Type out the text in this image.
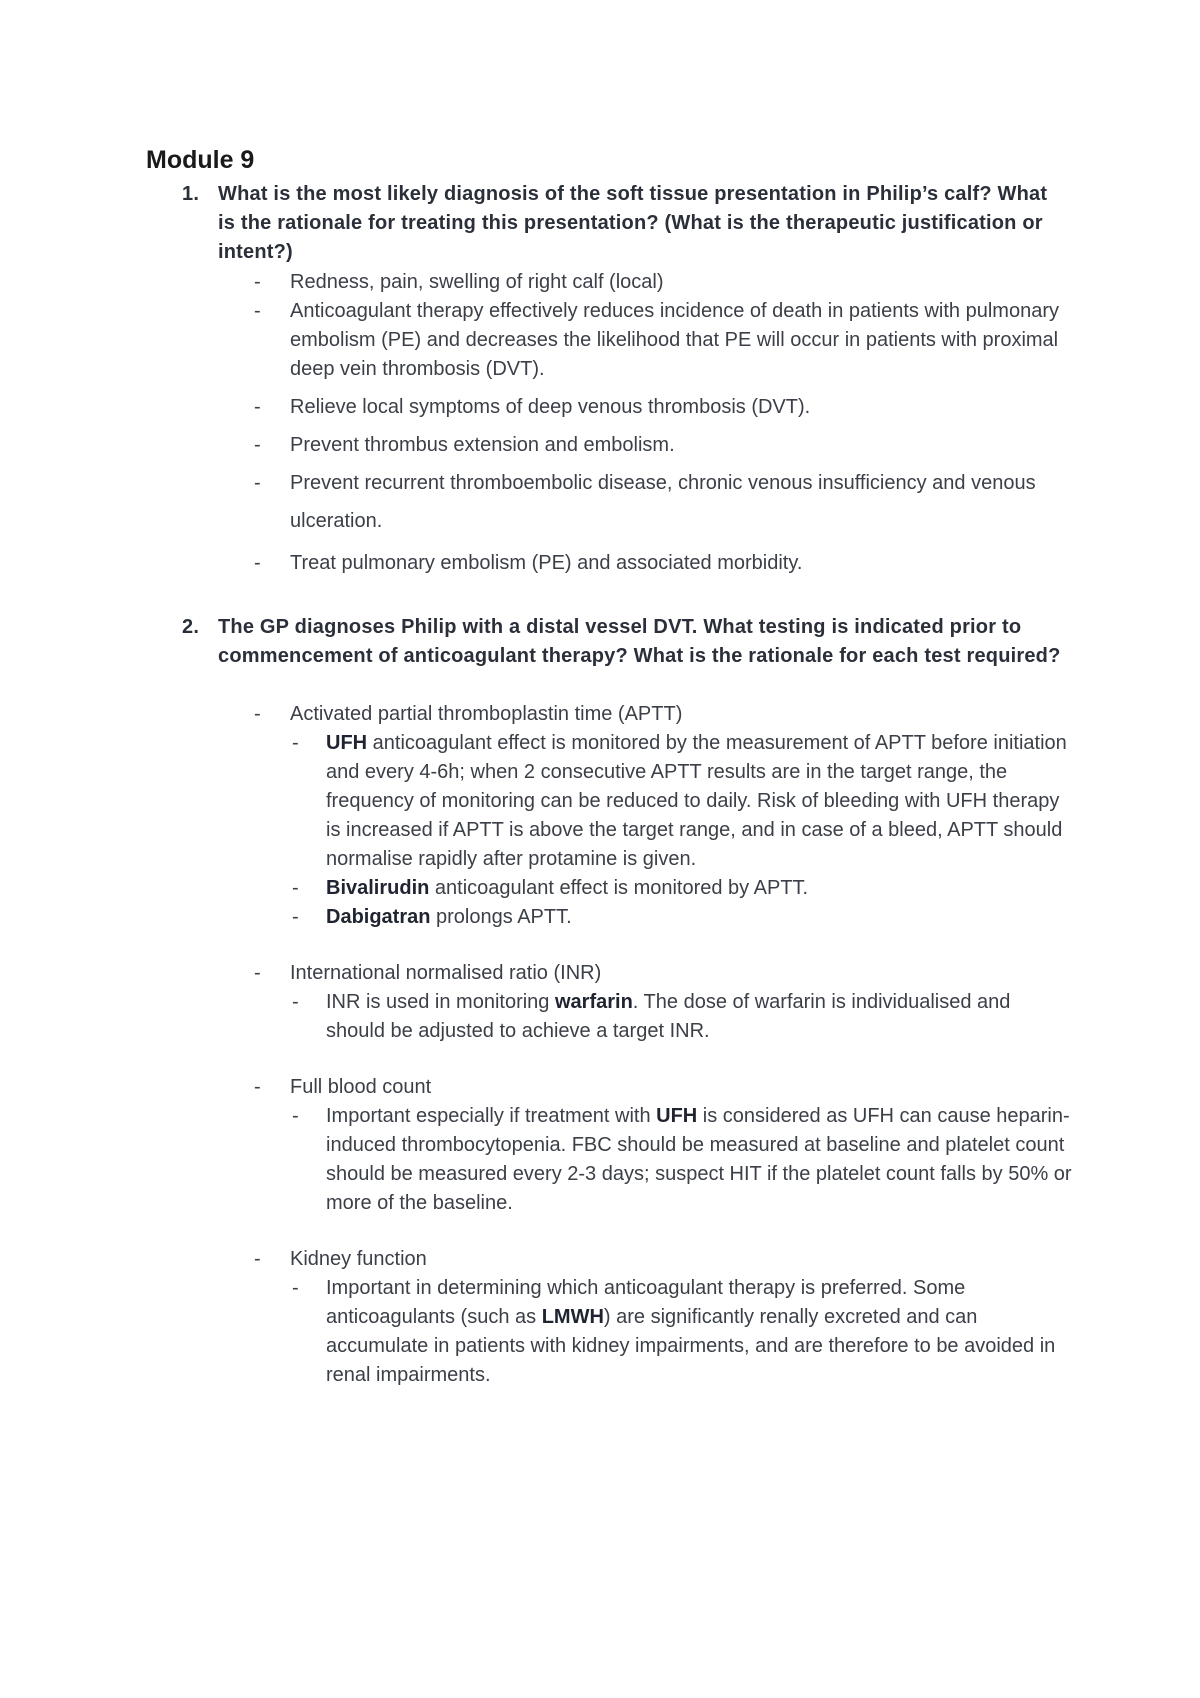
Module 9
1. What is the most likely diagnosis of the soft tissue presentation in Philip’s calf? What is the rationale for treating this presentation? (What is the therapeutic justification or intent?)
- Redness, pain, swelling of right calf (local)
- Anticoagulant therapy effectively reduces incidence of death in patients with pulmonary embolism (PE) and decreases the likelihood that PE will occur in patients with proximal deep vein thrombosis (DVT).
- Relieve local symptoms of deep venous thrombosis (DVT).
- Prevent thrombus extension and embolism.
- Prevent recurrent thromboembolic disease, chronic venous insufficiency and venous ulceration.
- Treat pulmonary embolism (PE) and associated morbidity.
2. The GP diagnoses Philip with a distal vessel DVT. What testing is indicated prior to commencement of anticoagulant therapy? What is the rationale for each test required?
- Activated partial thromboplastin time (APTT)
- UFH anticoagulant effect is monitored by the measurement of APTT before initiation and every 4-6h; when 2 consecutive APTT results are in the target range, the frequency of monitoring can be reduced to daily. Risk of bleeding with UFH therapy is increased if APTT is above the target range, and in case of a bleed, APTT should normalise rapidly after protamine is given.
- Bivalirudin anticoagulant effect is monitored by APTT.
- Dabigatran prolongs APTT.
- International normalised ratio (INR)
- INR is used in monitoring warfarin. The dose of warfarin is individualised and should be adjusted to achieve a target INR.
- Full blood count
- Important especially if treatment with UFH is considered as UFH can cause heparin-induced thrombocytopenia. FBC should be measured at baseline and platelet count should be measured every 2-3 days; suspect HIT if the platelet count falls by 50% or more of the baseline.
- Kidney function
- Important in determining which anticoagulant therapy is preferred. Some anticoagulants (such as LMWH) are significantly renally excreted and can accumulate in patients with kidney impairments, and are therefore to be avoided in renal impairments.
